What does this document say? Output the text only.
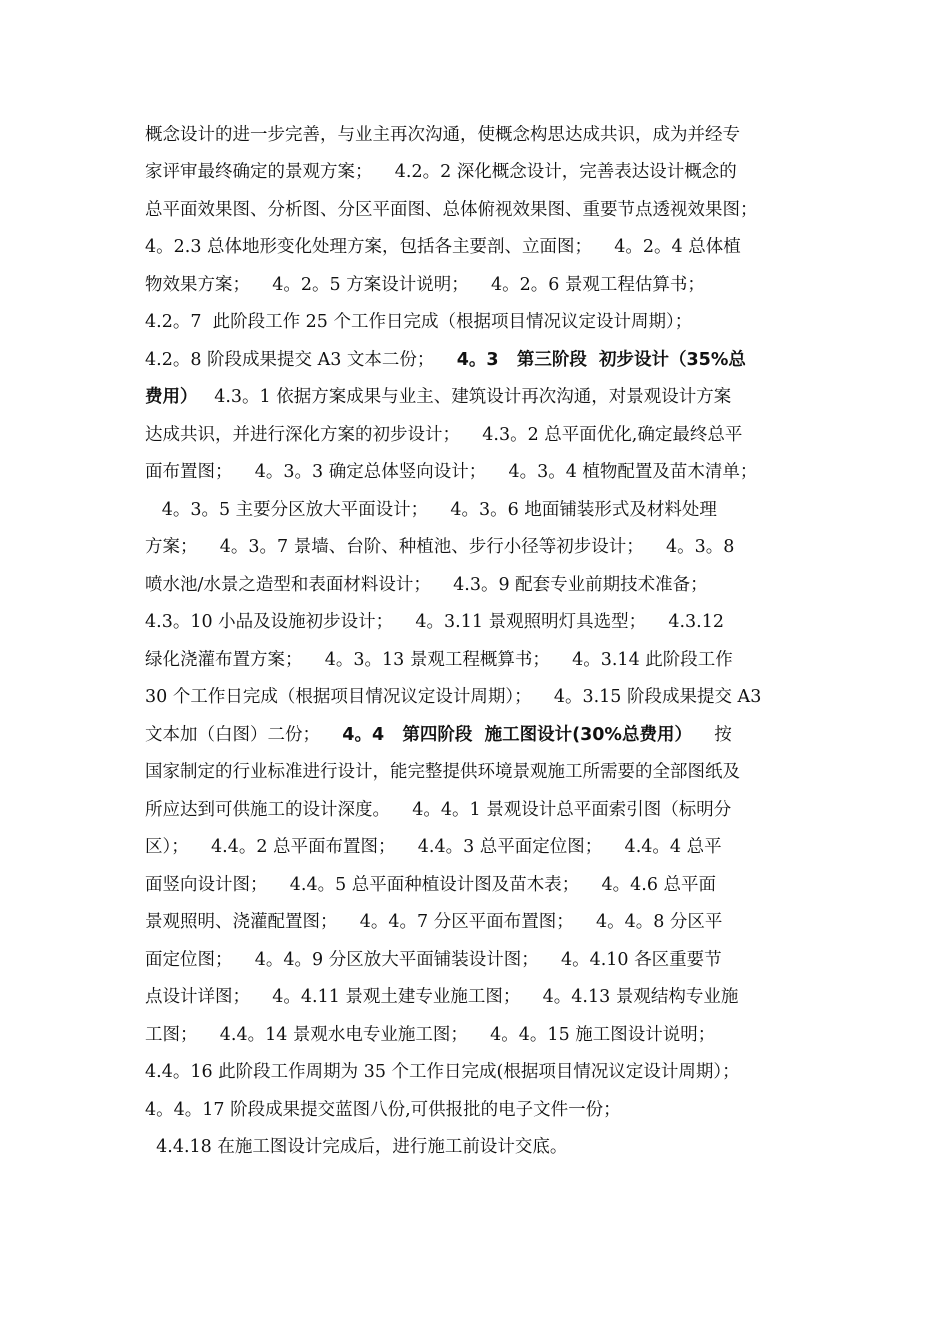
概念设计的进一步完善，与业主再次沟通，使概念构思达成共识，成为并经专
家评审最终确定的景观方案；    4.2。2 深化概念设计，完善表达设计概念的
总平面效果图、分析图、分区平面图、总体俯视效果图、重要节点透视效果图；
4。2.3 总体地形变化处理方案，包括各主要剖、立面图；    4。2。4 总体植
物效果方案；    4。2。5 方案设计说明；    4。2。6 景观工程估算书；
4.2。7  此阶段工作 25 个工作日完成（根据项目情况议定设计周期）；
4.2。8 阶段成果提交 A3 文本二份；    4。3   第三阶段  初步设计（35%总
费用）   4.3。1 依据方案成果与业主、建筑设计再次沟通，对景观设计方案
达成共识，并进行深化方案的初步设计；    4.3。2 总平面优化,确定最终总平
面布置图；    4。3。3 确定总体竖向设计；    4。3。4 植物配置及苗木清单；
4。3。5 主要分区放大平面设计；    4。3。6 地面铺装形式及材料处理
方案；    4。3。7 景墙、台阶、种植池、步行小径等初步设计；    4。3。8
喷水池/水景之造型和表面材料设计；    4.3。9 配套专业前期技术准备；
4.3。10 小品及设施初步设计；    4。3.11 景观照明灯具选型；    4.3.12
绿化浇灌布置方案；    4。3。13 景观工程概算书；    4。3.14 此阶段工作
30 个工作日完成（根据项目情况议定设计周期）；    4。3.15 阶段成果提交 A3
文本加（白图）二份；    4。4   第四阶段  施工图设计(30%总费用）    按
国家制定的行业标准进行设计，能完整提供环境景观施工所需要的全部图纸及
所应达到可供施工的设计深度。    4。4。1 景观设计总平面索引图（标明分
区）；    4.4。2 总平面布置图；    4.4。3 总平面定位图；    4.4。4 总平
面竖向设计图；    4.4。5 总平面种植设计图及苗木表；    4。4.6 总平面
景观照明、浇灌配置图；    4。4。7 分区平面布置图；    4。4。8 分区平
面定位图；    4。4。9 分区放大平面铺装设计图；    4。4.10 各区重要节
点设计详图；    4。4.11 景观土建专业施工图；    4。4.13 景观结构专业施
工图；    4.4。14 景观水电专业施工图；    4。4。15 施工图设计说明；
4.4。16 此阶段工作周期为 35 个工作日完成(根据项目情况议定设计周期）；
4。4。17 阶段成果提交蓝图八份,可供报批的电子文件一份；
4.4.18 在施工图设计完成后，进行施工前设计交底。
